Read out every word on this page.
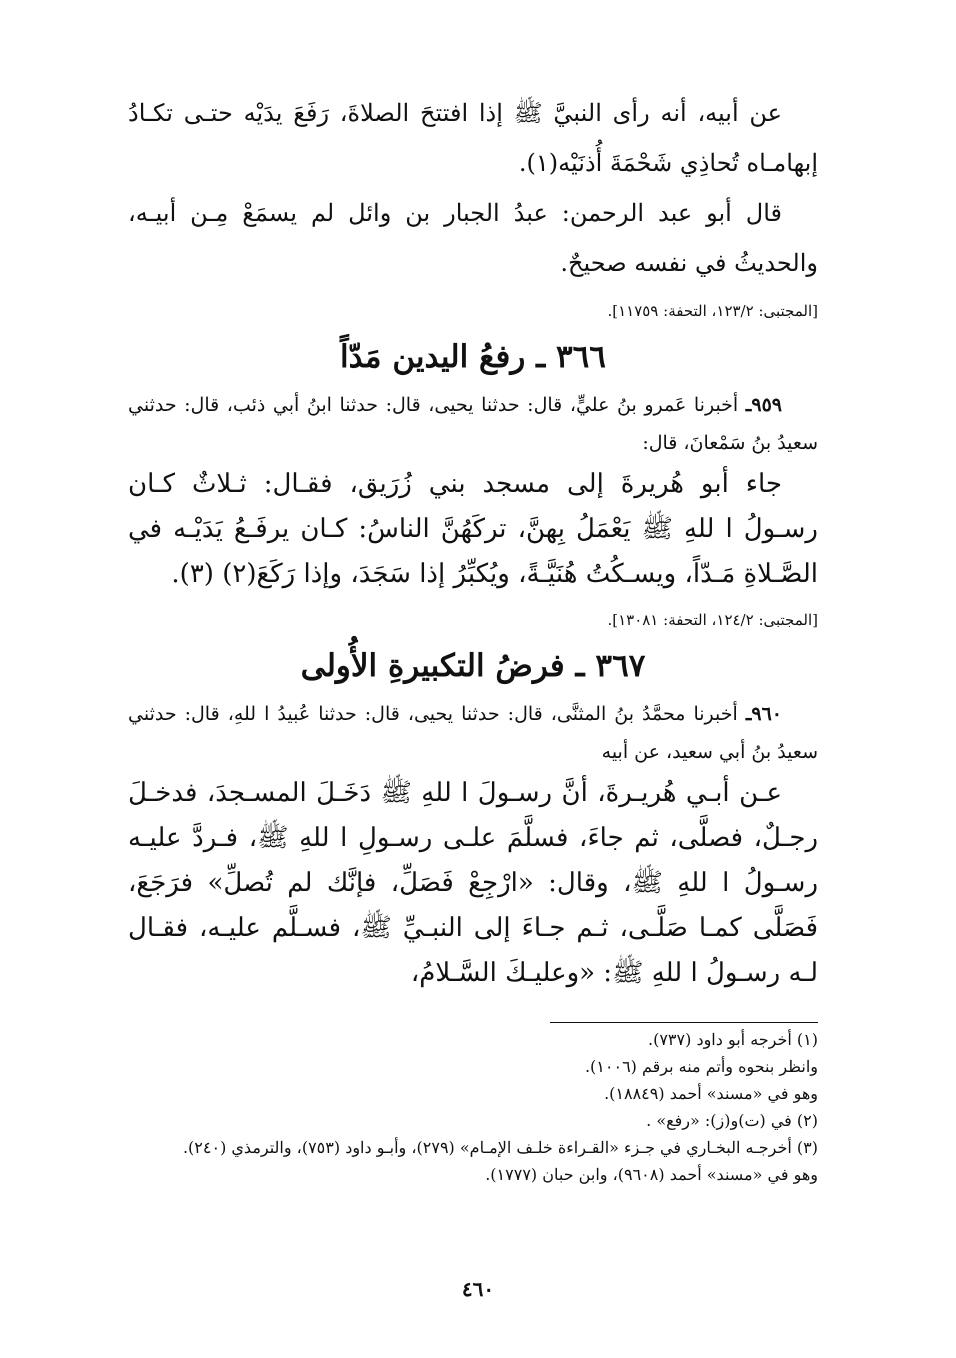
عن أبيه، أنه رأى النبيَّ ﷺ إذا افتتحَ الصلاةَ، رَفَعَ يدَيْه حتـى تكـادُ إبهامـاه تُحاذِي شَحْمَةَ أُذنَيْه(١).

قال أبو عبد الرحمن: عبدُ الجبار بن وائل لم يسمَعْ مِـن أبيـه، والحديثُ في نفسه صحيحٌ.

[المجتبى: ١٢٣/٢، التحفة: ١١٧٥٩].

٣٦٦ ـ رفعُ اليدين مَدّاً

٩٥٩ـ أخبرنا عَمرو بنُ عليٍّ، قال: حدثنا يحيى، قال: حدثنا ابنُ أبي ذئب، قال: حدثني سعيدُ بنُ سَمْعانَ، قال:

جاء أبو هُريرةَ إلى مسجد بني زُرَيق، فقـال: ثـلاثٌ كـان رسـولُ ا للهِ ﷺ يَعْمَلُ بِهنَّ، تركَهُنَّ الناسُ: كـان يرفَـعُ يَدَيْـه في الصَّـلاةِ مَـدّاً، ويسـكُتُ هُنَيَّـةً، ويُكبِّرُ إذا سَجَدَ، وإذا رَكَعَ(٢) (٣).

[المجتبى: ١٢٤/٢، التحفة: ١٣٠٨١].

٣٦٧ ـ فرضُ التكبيرةِ الأُولى

٩٦٠ـ أخبرنا محمَّدُ بنُ المثنَّى، قال: حدثنا يحيى، قال: حدثنا عُبيدُ ا للهِ، قال: حدثني سعيدُ بنُ أبي سعيد، عن أبيه

عـن أبـي هُريـرةَ، أنَّ رسـولَ ا للهِ ﷺ دَخَـلَ المسـجدَ، فدخـلَ رجـلٌ، فصلَّى، ثم جاءَ، فسلَّمَ علـى رسـولِ ا للهِ ﷺ، فـردَّ عليـه رسـولُ ا للهِ ﷺ، وقال: «ارْجِعْ فَصَلِّ، فإنَّك لم تُصلِّ» فرَجَعَ، فَصَلَّى كمـا صَلَّـى، ثـم جـاءَ إلى النبـيِّ ﷺ، فسـلَّم عليـه، فقـال لـه رسـولُ ا للهِ ﷺ: «وعليـكَ السَّـلامُ،

(١) أخرجه أبو داود (٧٣٧).

وانظر بنحوه وأتم منه برقم (١٠٠٦).

وهو في «مسند» أحمد (١٨٨٤٩).

(٢) في (ت)و(ز): «رفع» .

(٣) أخرجـه البخـاري في جـزء «القـراءة خلـف الإمـام» (٢٧٩)، وأبـو داود (٧٥٣)، والترمذي (٢٤٠).

وهو في «مسند» أحمد (٩٦٠٨)، وابن حبان (١٧٧٧).

٤٦٠
